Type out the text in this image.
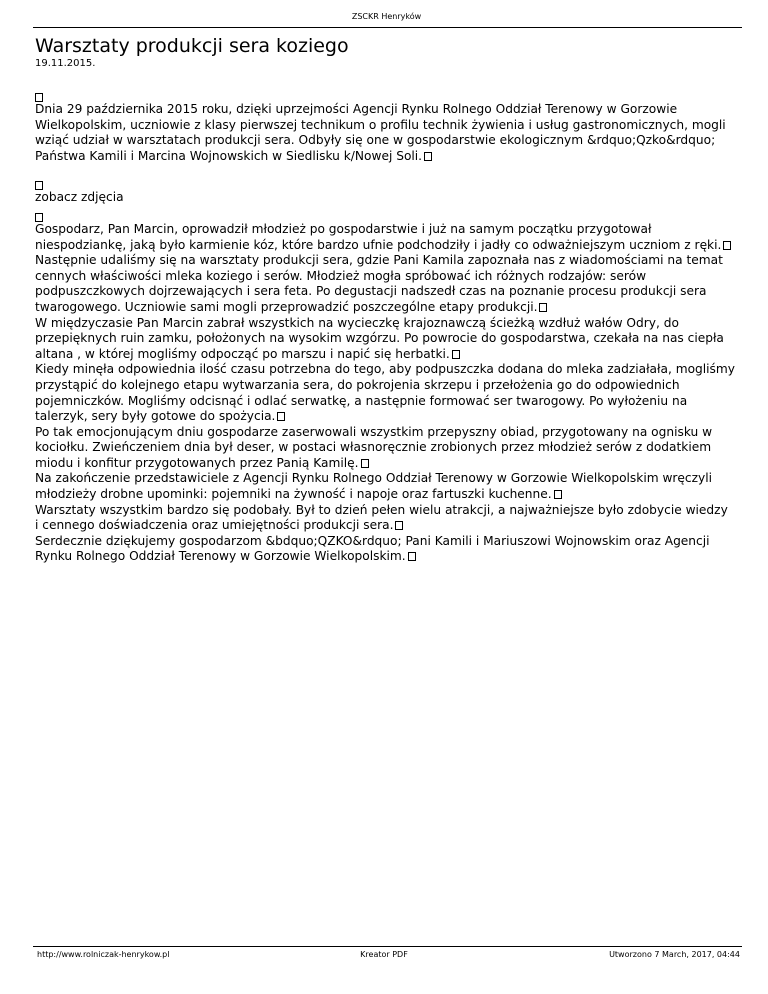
ZSCKR Henryków
Warsztaty produkcji sera koziego
19.11.2015.

Dnia 29 października 2015 roku, dzięki uprzejmości Agencji Rynku Rolnego Oddział Terenowy w Gorzowie Wielkopolskim, uczniowie z klasy pierwszej technikum o profilu technik żywienia i usług gastronomicznych, mogli wziąć udział w warsztatach produkcji sera. Odbyły się one w gospodarstwie ekologicznym &rdquo;Qzko&rdquo; Państwa Kamili i Marcina Wojnowskich w Siedlisku k/Nowej Soli.

zobacz zdjęcia

Gospodarz, Pan Marcin, oprowadził młodzież po gospodarstwie i już na samym początku przygotował niespodziankę, jaką było karmienie kóz, które bardzo ufnie podchodziły i jadły co odważniejszym uczniom z ręki.

Następnie udaliśmy się na warsztaty produkcji sera, gdzie Pani Kamila zapoznała nas z wiadomościami na temat cennych właściwości mleka koziego i serów. Młodzież mogła spróbować ich różnych rodzajów: serów podpuszczkowych dojrzewających i sera feta. Po degustacji nadszedł czas na poznanie procesu produkcji sera twarogowego. Uczniowie sami mogli przeprowadzić poszczególne etapy produkcji.

W międzyczasie Pan Marcin zabrał wszystkich na wycieczkę krajoznawczą ścieżką wzdłuż wałów Odry, do przepięknych ruin zamku, położonych na wysokim wzgórzu. Po powrocie do gospodarstwa, czekała na nas ciepła altana , w której mogliśmy odpocząć po marszu i napić się herbatki.

Kiedy minęła odpowiednia ilość czasu potrzebna do tego, aby podpuszczka dodana do mleka zadziałała, mogliśmy przystąpić do kolejnego etapu wytwarzania sera, do pokrojenia skrzepu i przełożenia go do odpowiednich pojemniczków. Mogliśmy odcisnąć i odlać serwatkę, a następnie formować ser twarogowy. Po wyłożeniu na talerzyk, sery były gotowe do spożycia.

Po tak emocjonującym dniu gospodarze zaserwowali wszystkim przepyszny obiad, przygotowany na ognisku w kociołku. Zwieńczeniem dnia był deser, w postaci własnoręcznie zrobionych przez młodzież serów z dodatkiem miodu i konfitur przygotowanych przez Panią Kamilę.

Na zakończenie przedstawiciele z Agencji Rynku Rolnego Oddział Terenowy w Gorzowie Wielkopolskim wręczyli młodzieży drobne upominki: pojemniki na żywność i napoje oraz fartuszki kuchenne.

Warsztaty wszystkim bardzo się podobały. Był to dzień pełen wielu atrakcji, a najważniejsze było zdobycie wiedzy i cennego doświadczenia oraz umiejętności produkcji sera.

Serdecznie dziękujemy gospodarzom &bdquo;QZKO&rdquo; Pani Kamili i Mariuszowi Wojnowskim oraz Agencji Rynku Rolnego Oddział Terenowy w Gorzowie Wielkopolskim.

http://www.rolniczak-henrykow.pl	Kreator PDF	Utworzono 7 March, 2017, 04:44
